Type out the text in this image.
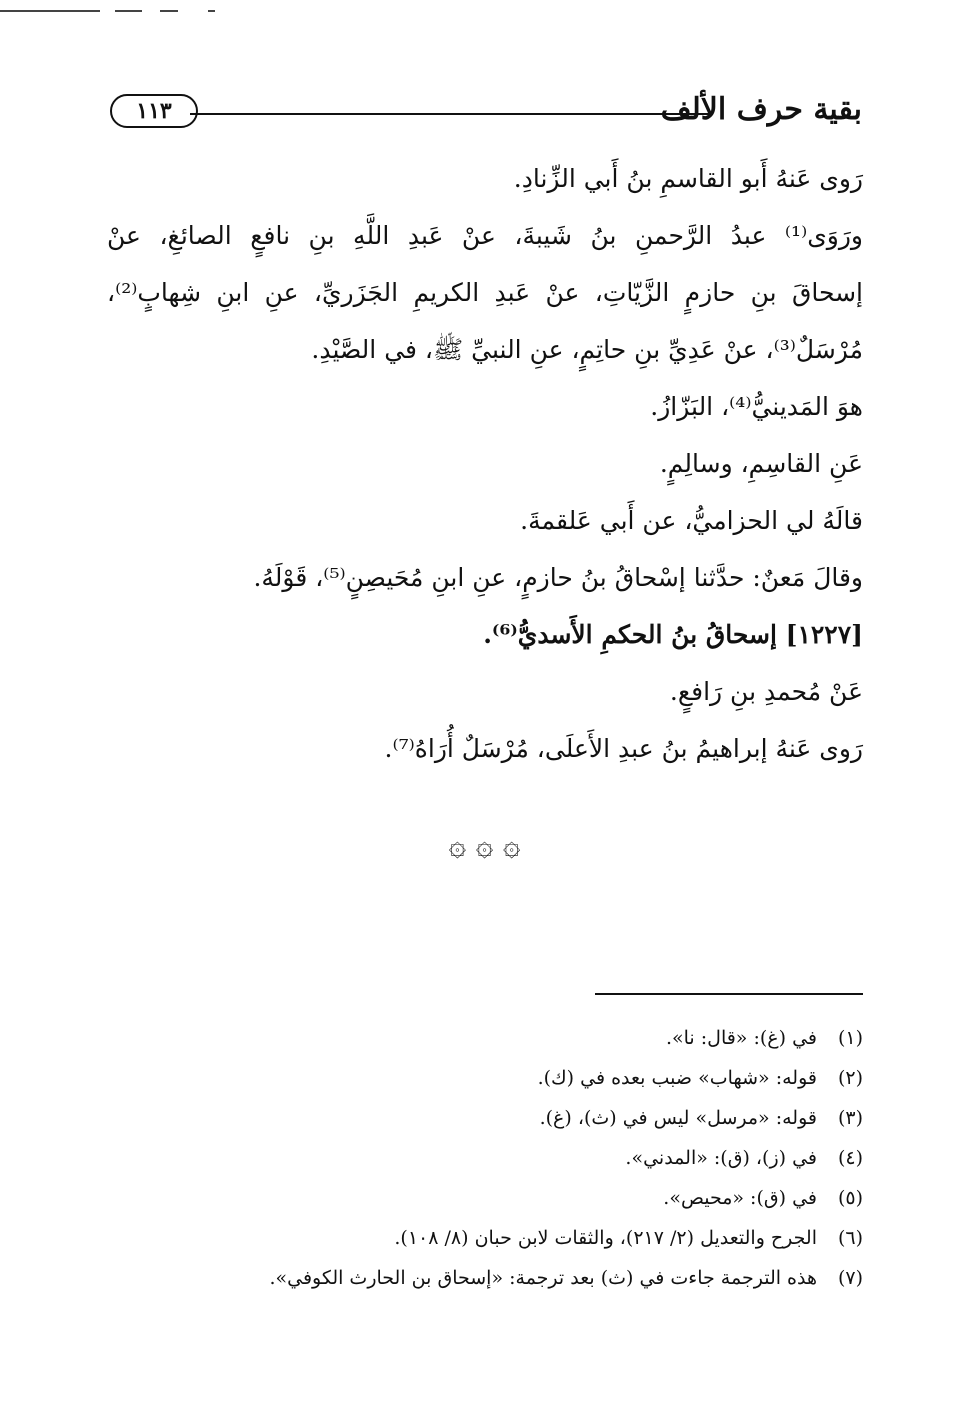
بقية حرف الألف
١١٣
رَوى عَنهُ أَبو القاسمِ بنُ أَبي الزِّنادِ.
ورَوَى⁽¹⁾ عبدُ الرَّحمنِ بنُ شَيبةَ، عنْ عَبدِ اللَّهِ بنِ نافعٍ الصائغِ، عنْ
إسحاقَ بنِ حازمٍ الزَّيّاتِ، عنْ عَبدِ الكريمِ الجَزَريِّ، عنِ ابنِ شِهابٍ⁽²⁾،
مُرْسَلٌ⁽³⁾، عنْ عَدِيِّ بنِ حاتِمٍ، عنِ النبيِّ ﷺ، في الصَّيْدِ.
هوَ المَدينيُّ⁽⁴⁾، البَزّازُ.
عَنِ القاسِمِ، وسالِمٍ.
قالَهُ لي الحزاميُّ، عن أَبي عَلقمةَ.
وقالَ مَعنٌ: حدَّثنا إسْحاقُ بنُ حازمٍ، عنِ ابنِ مُحَيصِنٍ⁽⁵⁾، قَوْلَهُ.
[١٢٢٧] إسحاقُ بنُ الحكمِ الأَسديُّ⁽⁶⁾.
عَنْ مُحمدِ بنِ رَافعٍ.
رَوى عَنهُ إبراهيمُ بنُ عبدِ الأَعلَى، مُرْسَلٌ أُرَاهُ⁽⁷⁾.
۞ ۞ ۞
(١)في (غ): «قال: نا».
(٢)قوله: «شهاب» ضبب بعده في (ك).
(٣)قوله: «مرسل» ليس في (ث)، (غ).
(٤)في (ز)، (ق): «المدني».
(٥)في (ق): «محيص».
(٦)الجرح والتعديل (٢/ ٢١٧)، والثقات لابن حبان (٨/ ١٠٨).
(٧)هذه الترجمة جاءت في (ث) بعد ترجمة: «إسحاق بن الحارث الكوفي».
